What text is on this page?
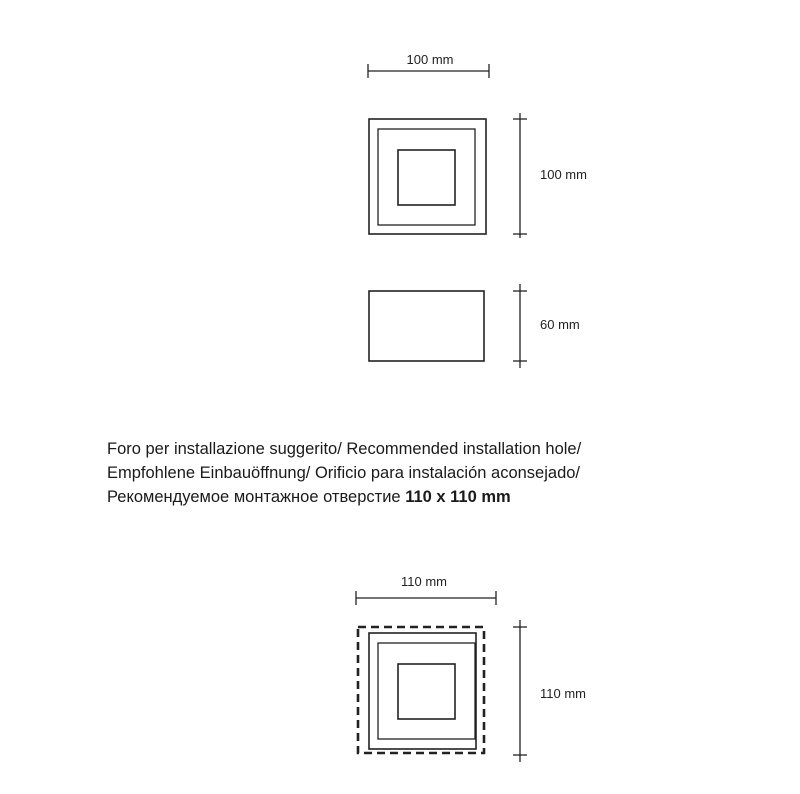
100 mm
100 mm
60 mm
110 mm
110 mm
Foro per installazione suggerito/ Recommended installation hole/
Empfohlene Einbauöffnung/ Orificio para instalación aconsejado/
Рекомендуемое монтажное отверстие 110 x 110 mm
